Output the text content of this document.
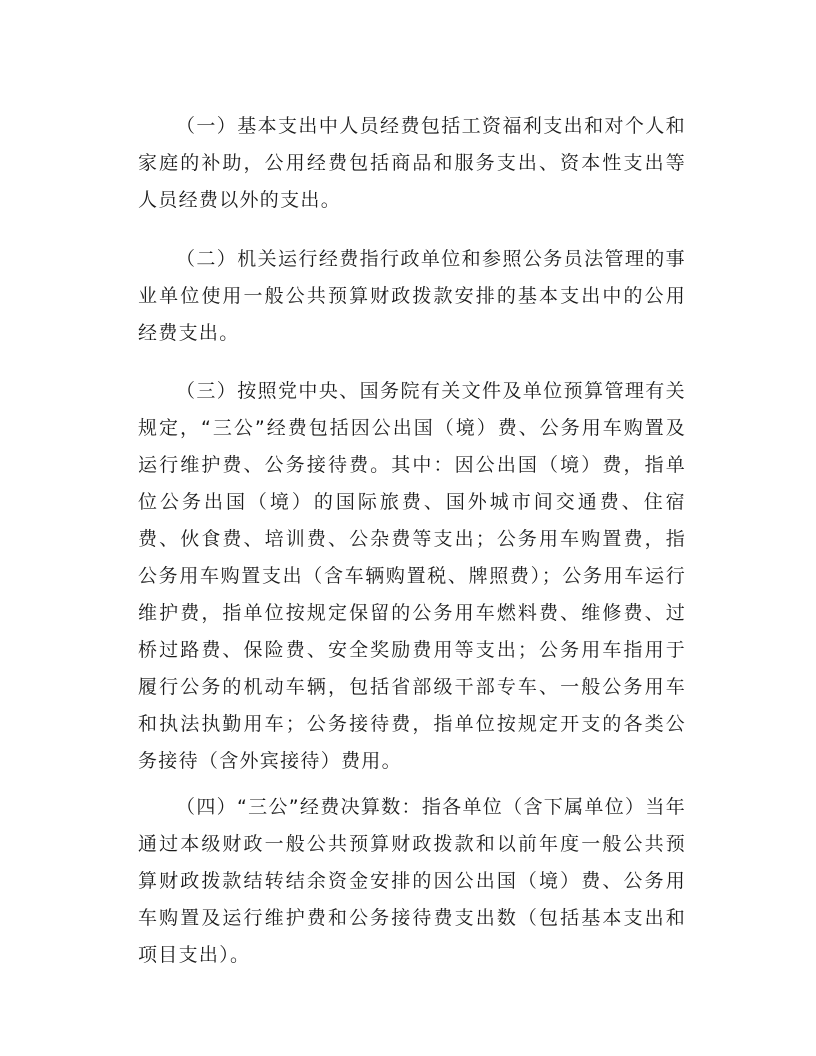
（一）基本支出中人员经费包括工资福利支出和对个人和家庭的补助，公用经费包括商品和服务支出、资本性支出等人员经费以外的支出。

（二）机关运行经费指行政单位和参照公务员法管理的事业单位使用一般公共预算财政拨款安排的基本支出中的公用经费支出。

（三）按照党中央、国务院有关文件及单位预算管理有关规定，“三公”经费包括因公出国（境）费、公务用车购置及运行维护费、公务接待费。其中：因公出国（境）费，指单位公务出国（境）的国际旅费、国外城市间交通费、住宿费、伙食费、培训费、公杂费等支出；公务用车购置费，指公务用车购置支出（含车辆购置税、牌照费）；公务用车运行维护费，指单位按规定保留的公务用车燃料费、维修费、过桥过路费、保险费、安全奖励费用等支出；公务用车指用于履行公务的机动车辆，包括省部级干部专车、一般公务用车和执法执勤用车；公务接待费，指单位按规定开支的各类公务接待（含外宾接待）费用。

（四）“三公”经费决算数：指各单位（含下属单位）当年通过本级财政一般公共预算财政拨款和以前年度一般公共预算财政拨款结转结余资金安排的因公出国（境）费、公务用车购置及运行维护费和公务接待费支出数（包括基本支出和项目支出）。
